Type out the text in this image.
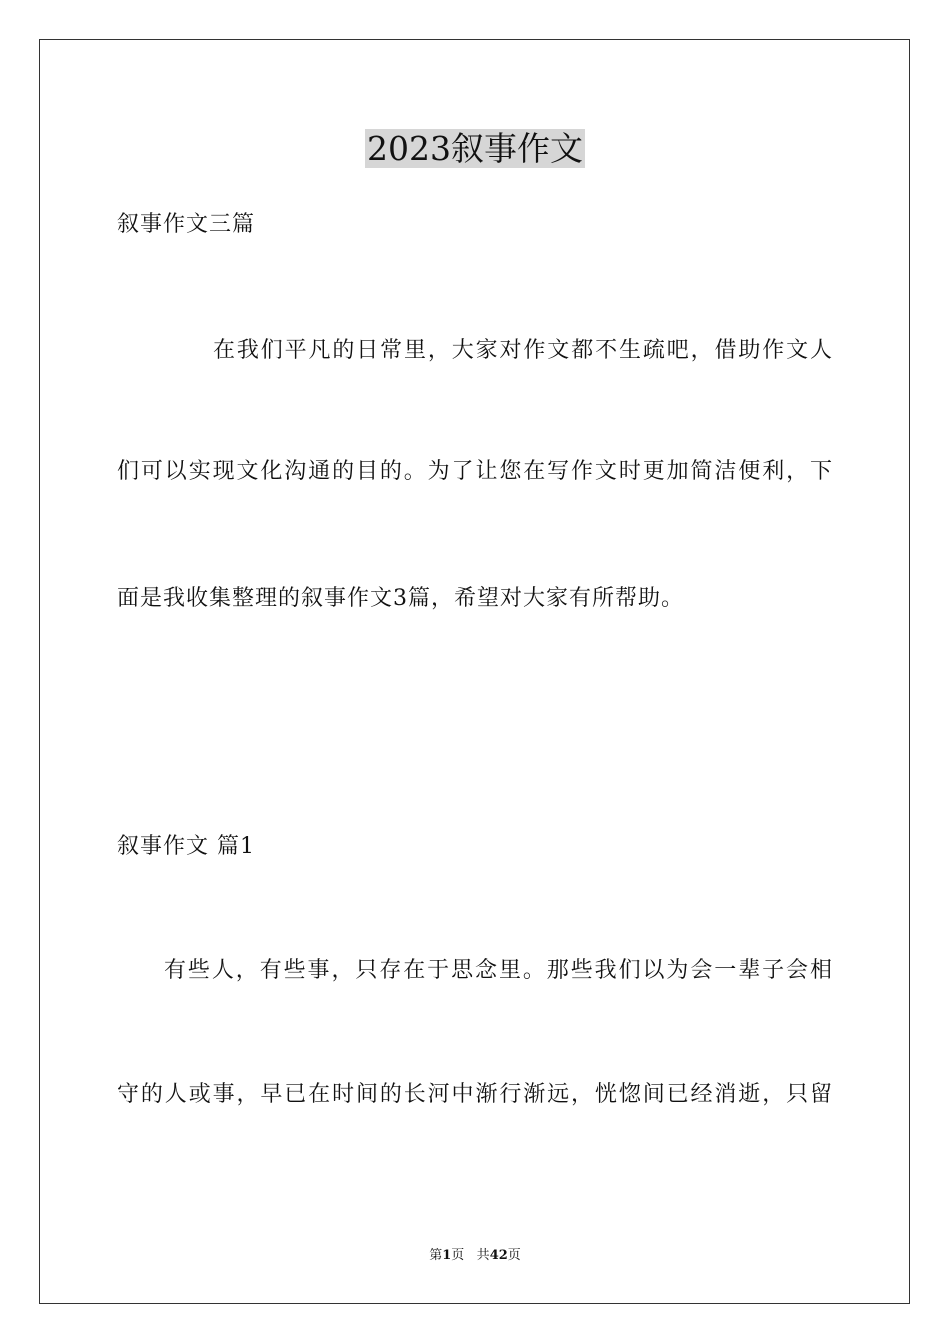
2023叙事作文
叙事作文三篇
在我们平凡的日常里，大家对作文都不生疏吧，借助作文人
们可以实现文化沟通的目的。为了让您在写作文时更加简洁便利，下
面是我收集整理的叙事作文3篇，希望对大家有所帮助。
叙事作文 篇1
有些人，有些事，只存在于思念里。那些我们以为会一辈子会相
守的人或事，早已在时间的长河中渐行渐远，恍惚间已经消逝，只留
第1页 共42页
